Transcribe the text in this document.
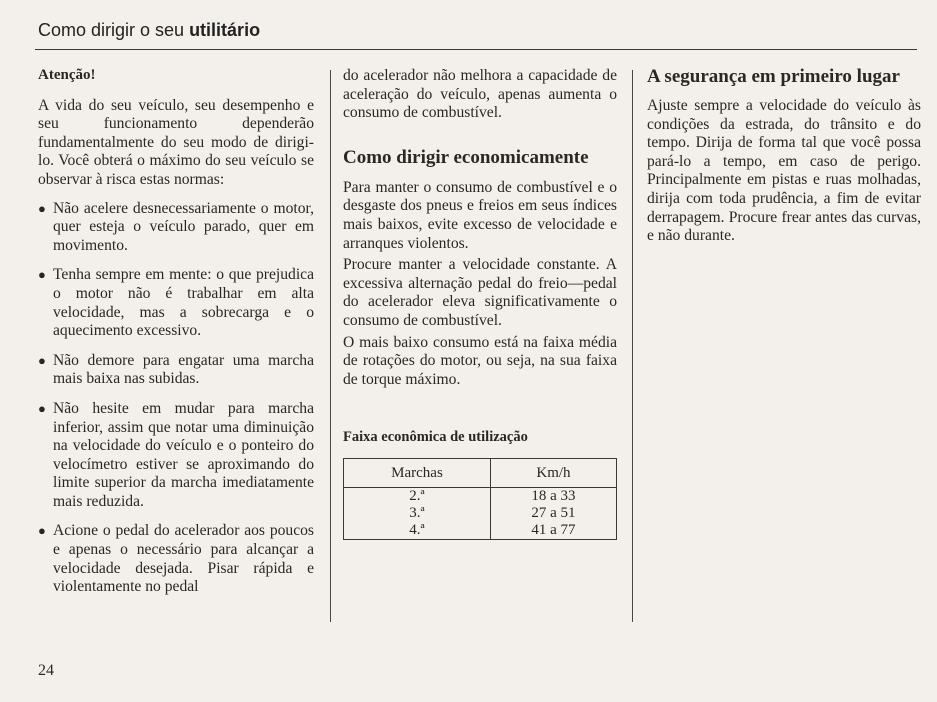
Como dirigir o seu utilitário

Atenção!

A vida do seu veículo, seu desempenho e seu funcionamento dependerão fundamentalmente do seu modo de dirigi-lo. Você obterá o máximo do seu veículo se observar à risca estas normas:

● Não acelere desnecessariamente o motor, quer esteja o veículo parado, quer em movimento.
● Tenha sempre em mente: o que prejudica o motor não é trabalhar em alta velocidade, mas a sobrecarga e o aquecimento excessivo.
● Não demore para engatar uma marcha mais baixa nas subidas.
● Não hesite em mudar para marcha inferior, assim que notar uma diminuição na velocidade do veículo e o ponteiro do velocímetro estiver se aproximando do limite superior da marcha imediatamente mais reduzida.
● Acione o pedal do acelerador aos poucos e apenas o necessário para alcançar a velocidade desejada. Pisar rápida e violentamente no pedal

do acelerador não melhora a capacidade de aceleração do veículo, apenas aumenta o consumo de combustível.

Como dirigir economicamente

Para manter o consumo de combustível e o desgaste dos pneus e freios em seus índices mais baixos, evite excesso de velocidade e arranques violentos.

Procure manter a velocidade constante. A excessiva alternação pedal do freio—pedal do acelerador eleva significativamente o consumo de combustível.

O mais baixo consumo está na faixa média de rotações do motor, ou seja, na sua faixa de torque máximo.

Faixa econômica de utilização
Marchas	Km/h
2.ª	18 a 33
3.ª	27 a 51
4.ª	41 a 77
A segurança em primeiro lugar

Ajuste sempre a velocidade do veículo às condições da estrada, do trânsito e do tempo. Dirija de forma tal que você possa pará-lo a tempo, em caso de perigo. Principalmente em pistas e ruas molhadas, dirija com toda prudência, a fim de evitar derrapagem. Procure frear antes das curvas, e não durante.

24
